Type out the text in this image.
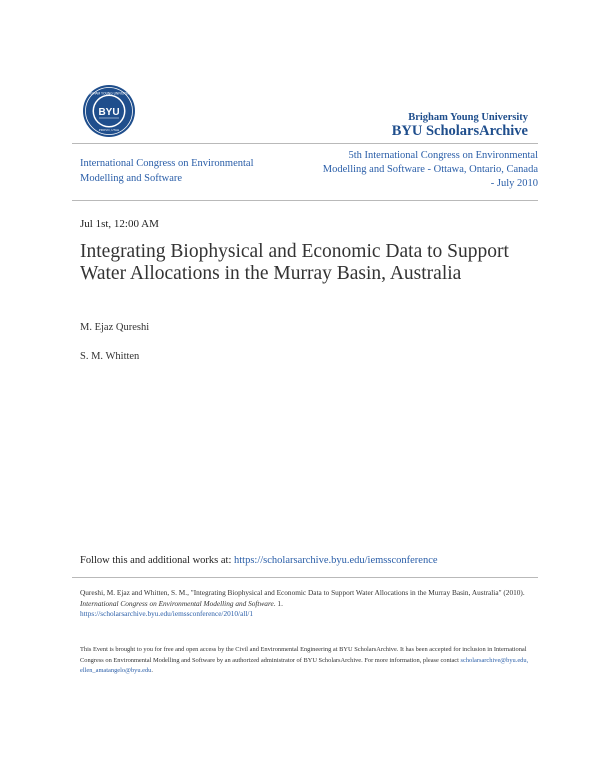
BRIGHAM YOUNG UNIVERSITY
PROVO, UTAH
BYU	Brigham Young University
BYU ScholarsArchive
International Congress on Environmental Modelling and Software
5th International Congress on Environmental Modelling and Software - Ottawa, Ontario, Canada - July 2010
Jul 1st, 12:00 AM
Integrating Biophysical and Economic Data to Support Water Allocations in the Murray Basin, Australia
M. Ejaz Qureshi
S. M. Whitten
Follow this and additional works at: https://scholarsarchive.byu.edu/iemssconference
Qureshi, M. Ejaz and Whitten, S. M., "Integrating Biophysical and Economic Data to Support Water Allocations in the Murray Basin, Australia" (2010). International Congress on Environmental Modelling and Software. 1.
https://scholarsarchive.byu.edu/iemssconference/2010/all/1
This Event is brought to you for free and open access by the Civil and Environmental Engineering at BYU ScholarsArchive. It has been accepted for inclusion in International Congress on Environmental Modelling and Software by an authorized administrator of BYU ScholarsArchive. For more information, please contact scholarsarchive@byu.edu, ellen_amatangelo@byu.edu.
